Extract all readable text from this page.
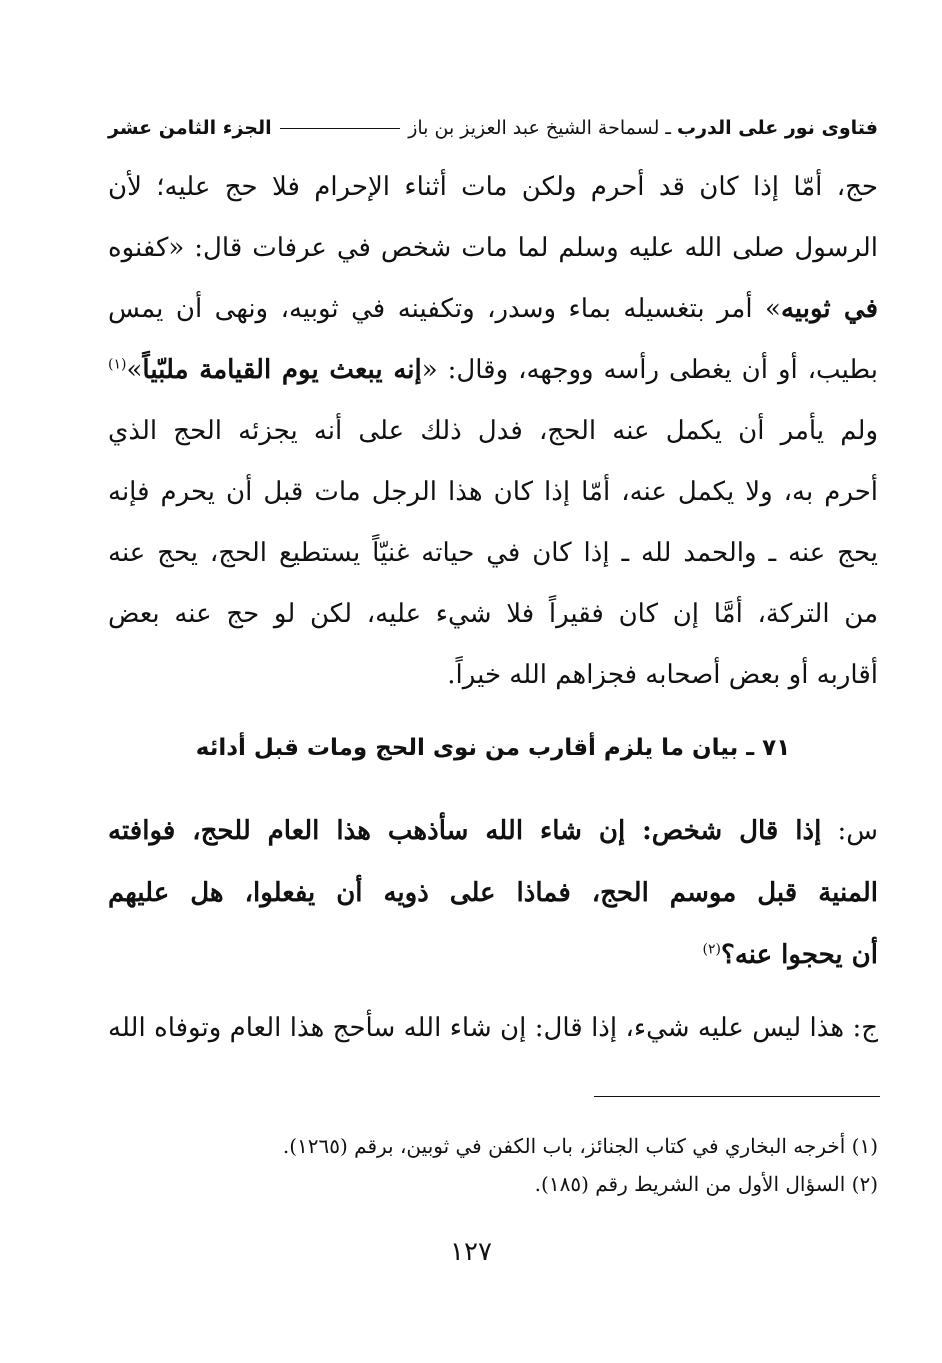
فتاوى نور على الدرب
ـ لسماحة الشيخ عبد العزيز بن باز
الجزء الثامن عشر
حج، أمّا إذا كان قد أحرم ولكن مات أثناء الإحرام فلا حج عليه؛ لأن
الرسول صلى الله عليه وسلم لما مات شخص في عرفات قال: «كفنوه
في ثوبيه» أمر بتغسيله بماء وسدر، وتكفينه في ثوبيه، ونهى أن يمس
بطيب، أو أن يغطى رأسه ووجهه، وقال: «إنه يبعث يوم القيامة ملبّياً»$^{(١)}$
ولم يأمر أن يكمل عنه الحج، فدل ذلك على أنه يجزئه الحج الذي
أحرم به، ولا يكمل عنه، أمّا إذا كان هذا الرجل مات قبل أن يحرم فإنه
يحج عنه ـ والحمد لله ـ إذا كان في حياته غنيّاً يستطيع الحج، يحج عنه
من التركة، أمَّا إن كان فقيراً فلا شيء عليه، لكن لو حج عنه بعض
أقاربه أو بعض أصحابه فجزاهم الله خيراً.
٧١ ـ بيان ما يلزم أقارب من نوى الحج ومات قبل أدائه
س: إذا قال شخص: إن شاء الله سأذهب هذا العام للحج، فوافته
المنية قبل موسم الحج، فماذا على ذويه أن يفعلوا، هل عليهم
أن يحجوا عنه؟$^{(٢)}$
ج: هذا ليس عليه شيء، إذا قال: إن شاء الله سأحج هذا العام وتوفاه الله
(١) أخرجه البخاري في كتاب الجنائز، باب الكفن في ثوبين، برقم (١٢٦٥).
(٢) السؤال الأول من الشريط رقم (١٨٥).
١٢٧
